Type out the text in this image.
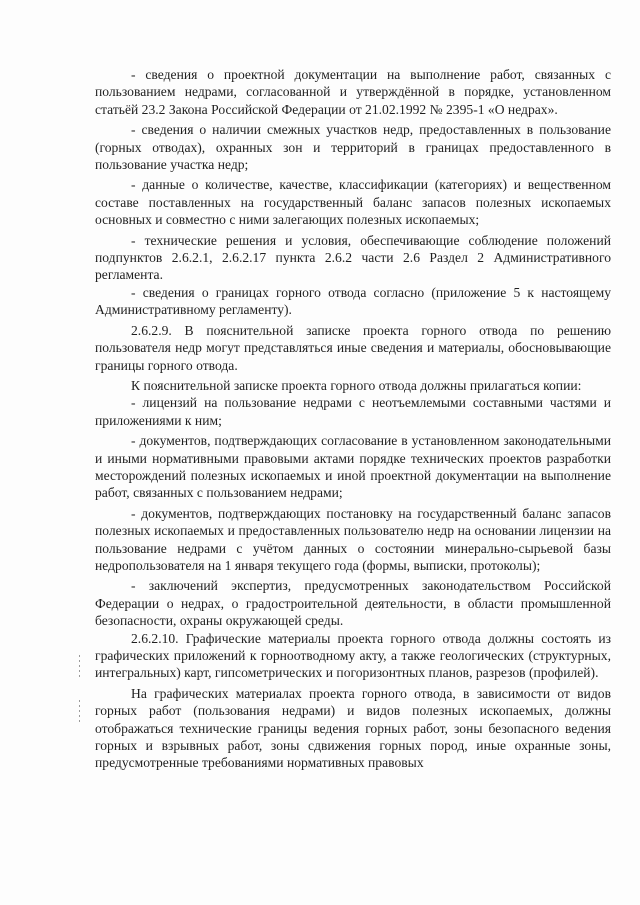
- сведения о проектной документации на выполнение работ, связанных с пользованием недрами, согласованной и утверждённой в порядке, установленном статьёй 23.2 Закона Российской Федерации от 21.02.1992 № 2395-1 «О недрах».

- сведения о наличии смежных участков недр, предоставленных в пользование (горных отводах), охранных зон и территорий в границах предоставленного в пользование участка недр;

- данные о количестве, качестве, классификации (категориях) и вещественном составе поставленных на государственный баланс запасов полезных ископаемых основных и совместно с ними залегающих полезных ископаемых;

- технические решения и условия, обеспечивающие соблюдение положений подпунктов 2.6.2.1, 2.6.2.17 пункта 2.6.2 части 2.6 Раздел 2 Административного регламента.

- сведения о границах горного отвода согласно (приложение 5 к настоящему Административному регламенту).

2.6.2.9. В пояснительной записке проекта горного отвода по решению пользователя недр могут представляться иные сведения и материалы, обосновывающие границы горного отвода.

К пояснительной записке проекта горного отвода должны прилагаться копии:

- лицензий на пользование недрами с неотъемлемыми составными частями и приложениями к ним;

- документов, подтверждающих согласование в установленном законодательными и иными нормативными правовыми актами порядке технических проектов разработки месторождений полезных ископаемых и иной проектной документации на выполнение работ, связанных с пользованием недрами;

- документов, подтверждающих постановку на государственный баланс запасов полезных ископаемых и предоставленных пользователю недр на основании лицензии на пользование недрами с учётом данных о состоянии минерально-сырьевой базы недропользователя на 1 января текущего года (формы, выписки, протоколы);

- заключений экспертиз, предусмотренных законодательством Российской Федерации о недрах, о градостроительной деятельности, в области промышленной безопасности, охраны окружающей среды.

2.6.2.10. Графические материалы проекта горного отвода должны состоять из графических приложений к горноотводному акту, а также геологических (структурных, интегральных) карт, гипсометрических и погоризонтных планов, разрезов (профилей).

На графических материалах проекта горного отвода, в зависимости от видов горных работ (пользования недрами) и видов полезных ископаемых, должны отображаться технические границы ведения горных работ, зоны безопасного ведения горных и взрывных работ, зоны сдвижения горных пород, иные охранные зоны, предусмотренные требованиями нормативных правовых
